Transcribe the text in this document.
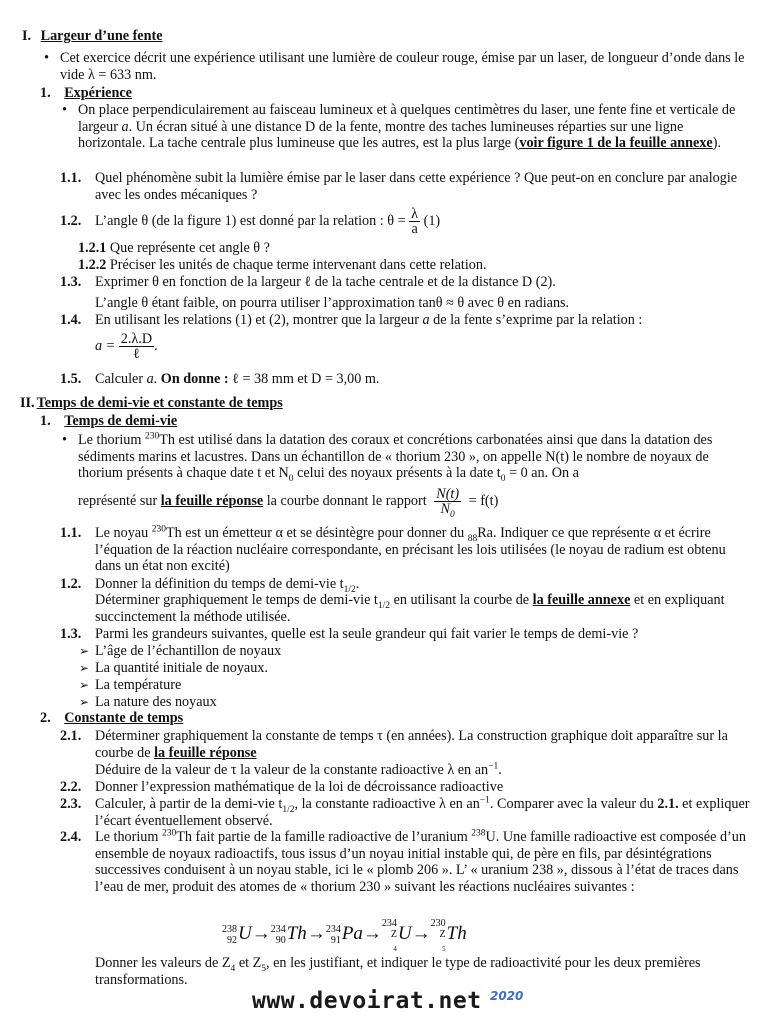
I. Largeur d’une fente
• Cet exercice décrit une expérience utilisant une lumière de couleur rouge, émise par un laser, de longueur d’onde dans le vide λ = 633 nm.
1. Expérience
• On place perpendiculairement au faisceau lumineux et à quelques centimètres du laser, une fente fine et verticale de largeur a. Un écran situé à une distance D de la fente, montre des taches lumineuses réparties sur une ligne horizontale. La tache centrale plus lumineuse que les autres, est la plus large (voir figure 1 de la feuille annexe).
1.1. Quel phénomène subit la lumière émise par le laser dans cette expérience ? Que peut-on en conclure par analogie avec les ondes mécaniques ?
1.2. L’angle θ (de la figure 1) est donné par la relation : $\theta = \frac{\lambda}{a} (1)$
1.2.1 Que représente cet angle θ ?
1.2.2 Préciser les unités de chaque terme intervenant dans cette relation.
1.3. Exprimer θ en fonction de la largeur ℓ de la tache centrale et de la distance D (2).
L’angle θ étant faible, on pourra utiliser l’approximation tanθ ≈ θ avec θ en radians.
1.4. En utilisant les relations (1) et (2), montrer que la largeur a de la fente s’exprime par la relation :
$a = \frac{2.\lambda.D}{\text{ℓ}}$ .
1.5. Calculer a. On donne : ℓ = 38 mm et D = 3,00 m.
II. Temps de demi-vie et constante de temps
1. Temps de demi-vie
• Le thorium $^{230}$Th est utilisé dans la datation des coraux et concrétions carbonatées ainsi que dans la datation des sédiments marins et lacustres. Dans un échantillon de « thorium 230 », on appelle N(t) le nombre de noyaux de thorium présents à chaque date t et $N_0$ celui des noyaux présents à la date $t_0 = 0$ an. On a
représenté sur la feuille réponse la courbe donnant le rapport $\frac{N(t)}{N_0} = f(t)$
1.1. Le noyau $^{230}$Th est un émetteur α et se désintègre pour donner du $_{88}$Ra. Indiquer ce que représente α et écrire l’équation de la réaction nucléaire correspondante, en précisant les lois utilisées (le noyau de radium est obtenu dans un état non excité)
1.2. Donner la définition du temps de demi-vie $t_{1/2}$.
Déterminer graphiquement le temps de demi-vie $t_{1/2}$ en utilisant la courbe de la feuille annexe et en expliquant succinctement la méthode utilisée.
1.3. Parmi les grandeurs suivantes, quelle est la seule grandeur qui fait varier le temps de demi-vie ?
➢ L’âge de l’échantillon de noyaux
➢ La quantité initiale de noyaux.
➢ La température
➢ La nature des noyaux
2. Constante de temps
2.1. Déterminer graphiquement la constante de temps τ (en années). La construction graphique doit apparaître sur la courbe de la feuille réponse
Déduire de la valeur de τ la valeur de la constante radioactive λ en $an^{-1}$.
2.2. Donner l’expression mathématique de la loi de décroissance radioactive
2.3. Calculer, à partir de la demi-vie $t_{1/2}$, la constante radioactive λ en $an^{-1}$. Comparer avec la valeur du 2.1. et expliquer l’écart éventuellement observé.
2.4. Le thorium $^{230}$Th fait partie de la famille radioactive de l’uranium $^{238}$U. Une famille radioactive est composée d’un ensemble de noyaux radioactifs, tous issus d’un noyau initial instable qui, de père en fils, par désintégrations successives conduisent à un noyau stable, ici le « plomb 206 ». L’ « uranium 238 », dissous à l’état de traces dans l’eau de mer, produit des atomes de « thorium 230 » suivant les réactions nucléaires suivantes :
238
92 U→ 234
90 Th→ 234
91 Pa→ 234
Z
$_4$
U→ 230
Z
$_5$
Th
Donner les valeurs de $Z_4$ et $Z_5$, en les justifiant, et indiquer le type de radioactivité pour les deux premières transformations.
www.devoirat.net 2020
